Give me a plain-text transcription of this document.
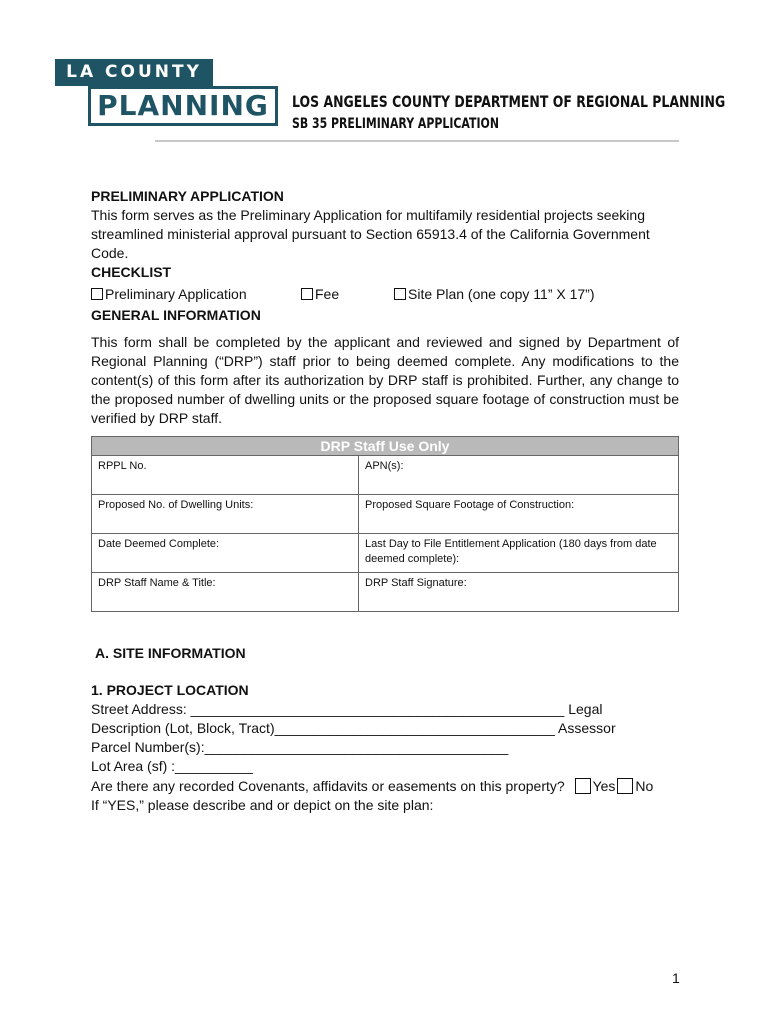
LA COUNTY
PLANNING	LOS ANGELES COUNTY DEPARTMENT OF REGIONAL PLANNING
SB 35 PRELIMINARY APPLICATION
PRELIMINARY APPLICATION
This form serves as the Preliminary Application for multifamily residential projects seeking streamlined ministerial approval pursuant to Section 65913.4 of the California Government Code.
CHECKLIST
Preliminary Application	Fee	Site Plan (one copy 11” X 17”)
GENERAL INFORMATION
This form shall be completed by the applicant and reviewed and signed by Department of Regional Planning (“DRP”) staff prior to being deemed complete. Any modifications to the content(s) of this form after its authorization by DRP staff is prohibited. Further, any change to the proposed number of dwelling units or the proposed square footage of construction must be verified by DRP staff.
DRP Staff Use Only	
RPPL No.	APN(s):
Proposed No. of Dwelling Units:	Proposed Square Footage of Construction:
Date Deemed Complete:	Last Day to File Entitlement Application (180 days from date deemed complete):
DRP Staff Name & Title:	DRP Staff Signature:
A. SITE INFORMATION
1. PROJECT LOCATION
Street Address: ________________________________________________ Legal
Description (Lot, Block, Tract)____________________________________ Assessor
Parcel Number(s):_______________________________________
Lot Area (sf) :__________
Are there any recorded Covenants, affidavits or easements on this property? Yes No
If “YES,” please describe and or depict on the site plan:
1
